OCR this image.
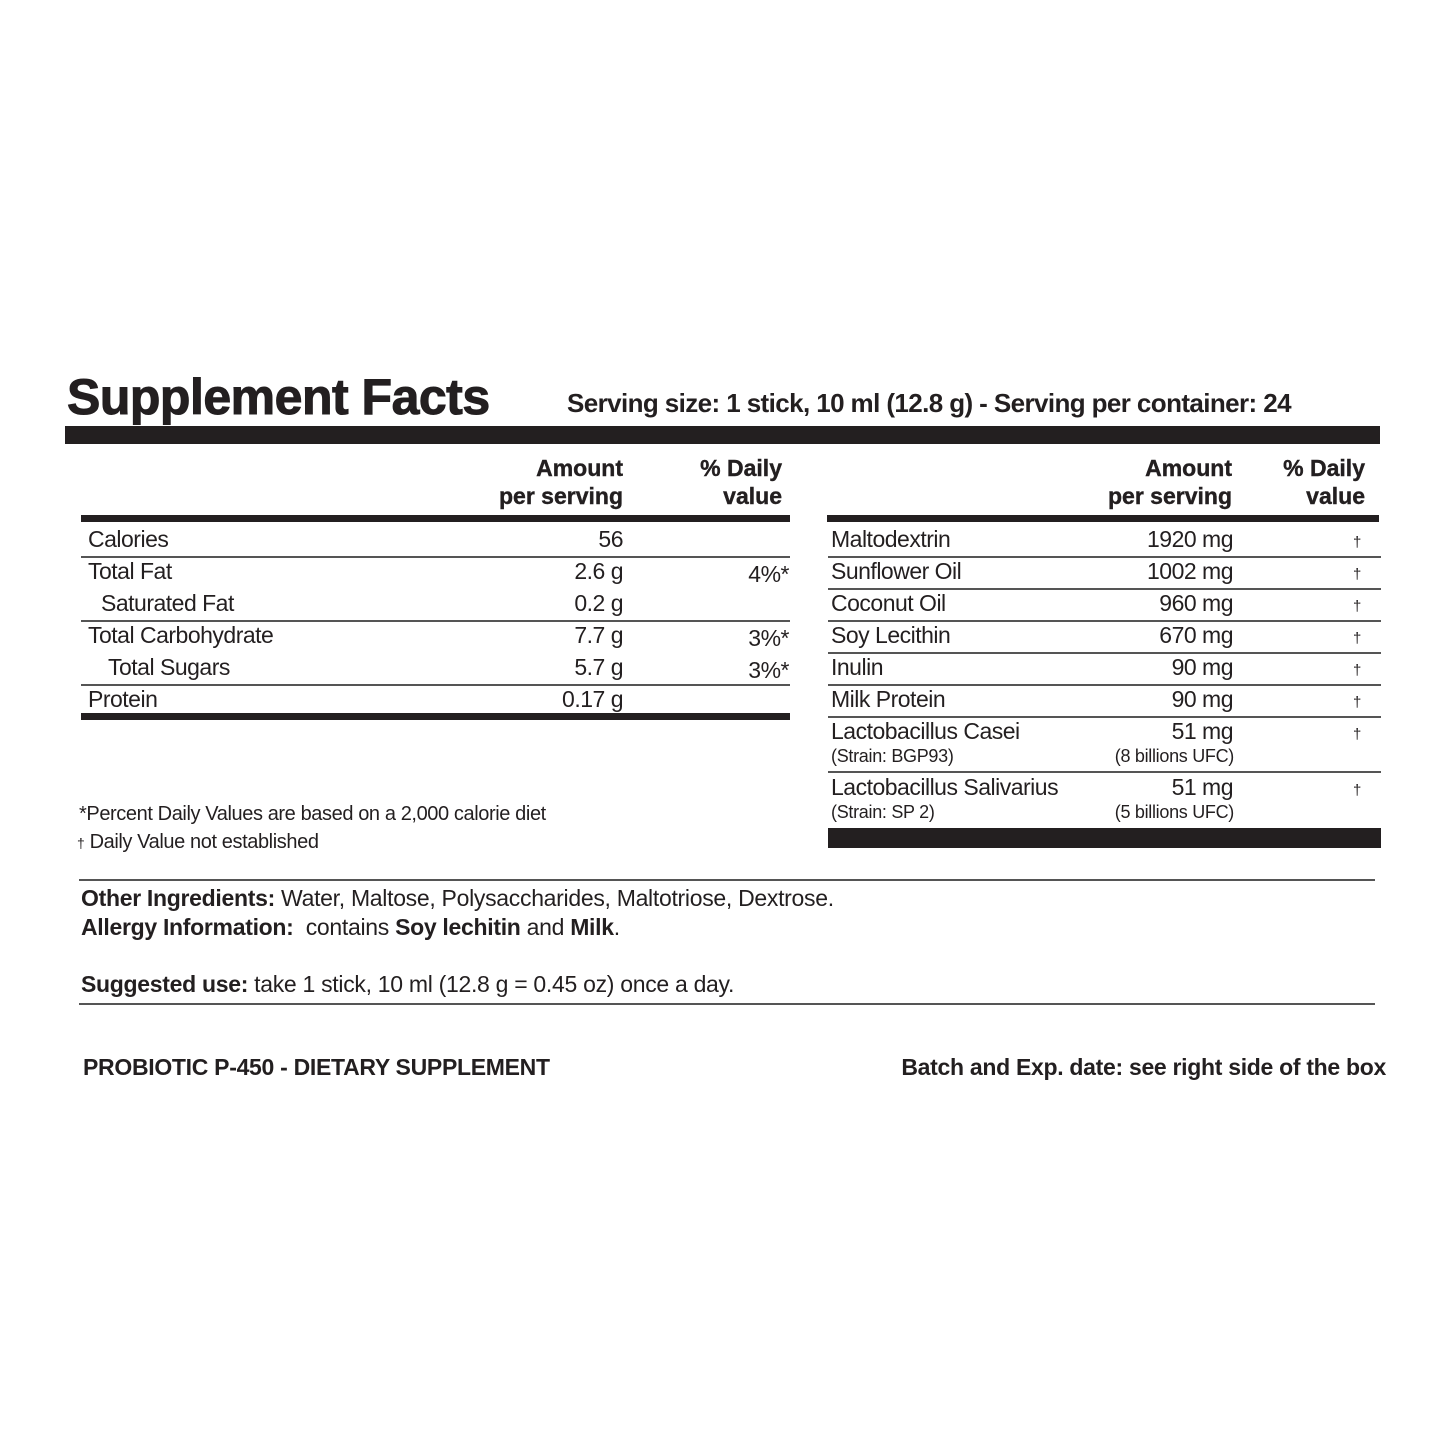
Supplement Facts	Serving size: 1 stick, 10 ml (12.8 g) - Serving per container: 24
Amount
per serving
% Daily
value
Calories	56
Total Fat	2.6 g	4%*
Saturated Fat	0.2 g
Total Carbohydrate	7.7 g	3%*
Total Sugars	5.7 g	3%*
Protein	0.17 g
Amount
per serving
% Daily
value
Maltodextrin	1920 mg	†
Sunflower Oil	1002 mg	†
Coconut Oil	960 mg	†
Soy Lecithin	670 mg	†
Inulin	90 mg	†
Milk Protein	90 mg	†
Lactobacillus Casei	51 mg	†
(Strain: BGP93)	(8 billions UFC)
Lactobacillus Salivarius	51 mg	†
(Strain: SP 2)	(5 billions UFC)
*Percent Daily Values are based on a 2,000 calorie diet
† Daily Value not established
Other Ingredients: Water, Maltose, Polysaccharides, Maltotriose, Dextrose.
Allergy Information:  contains Soy lechitin and Milk.
Suggested use: take 1 stick, 10 ml (12.8 g = 0.45 oz) once a day.
PROBIOTIC P-450 - DIETARY SUPPLEMENT	Batch and Exp. date: see right side of the box
